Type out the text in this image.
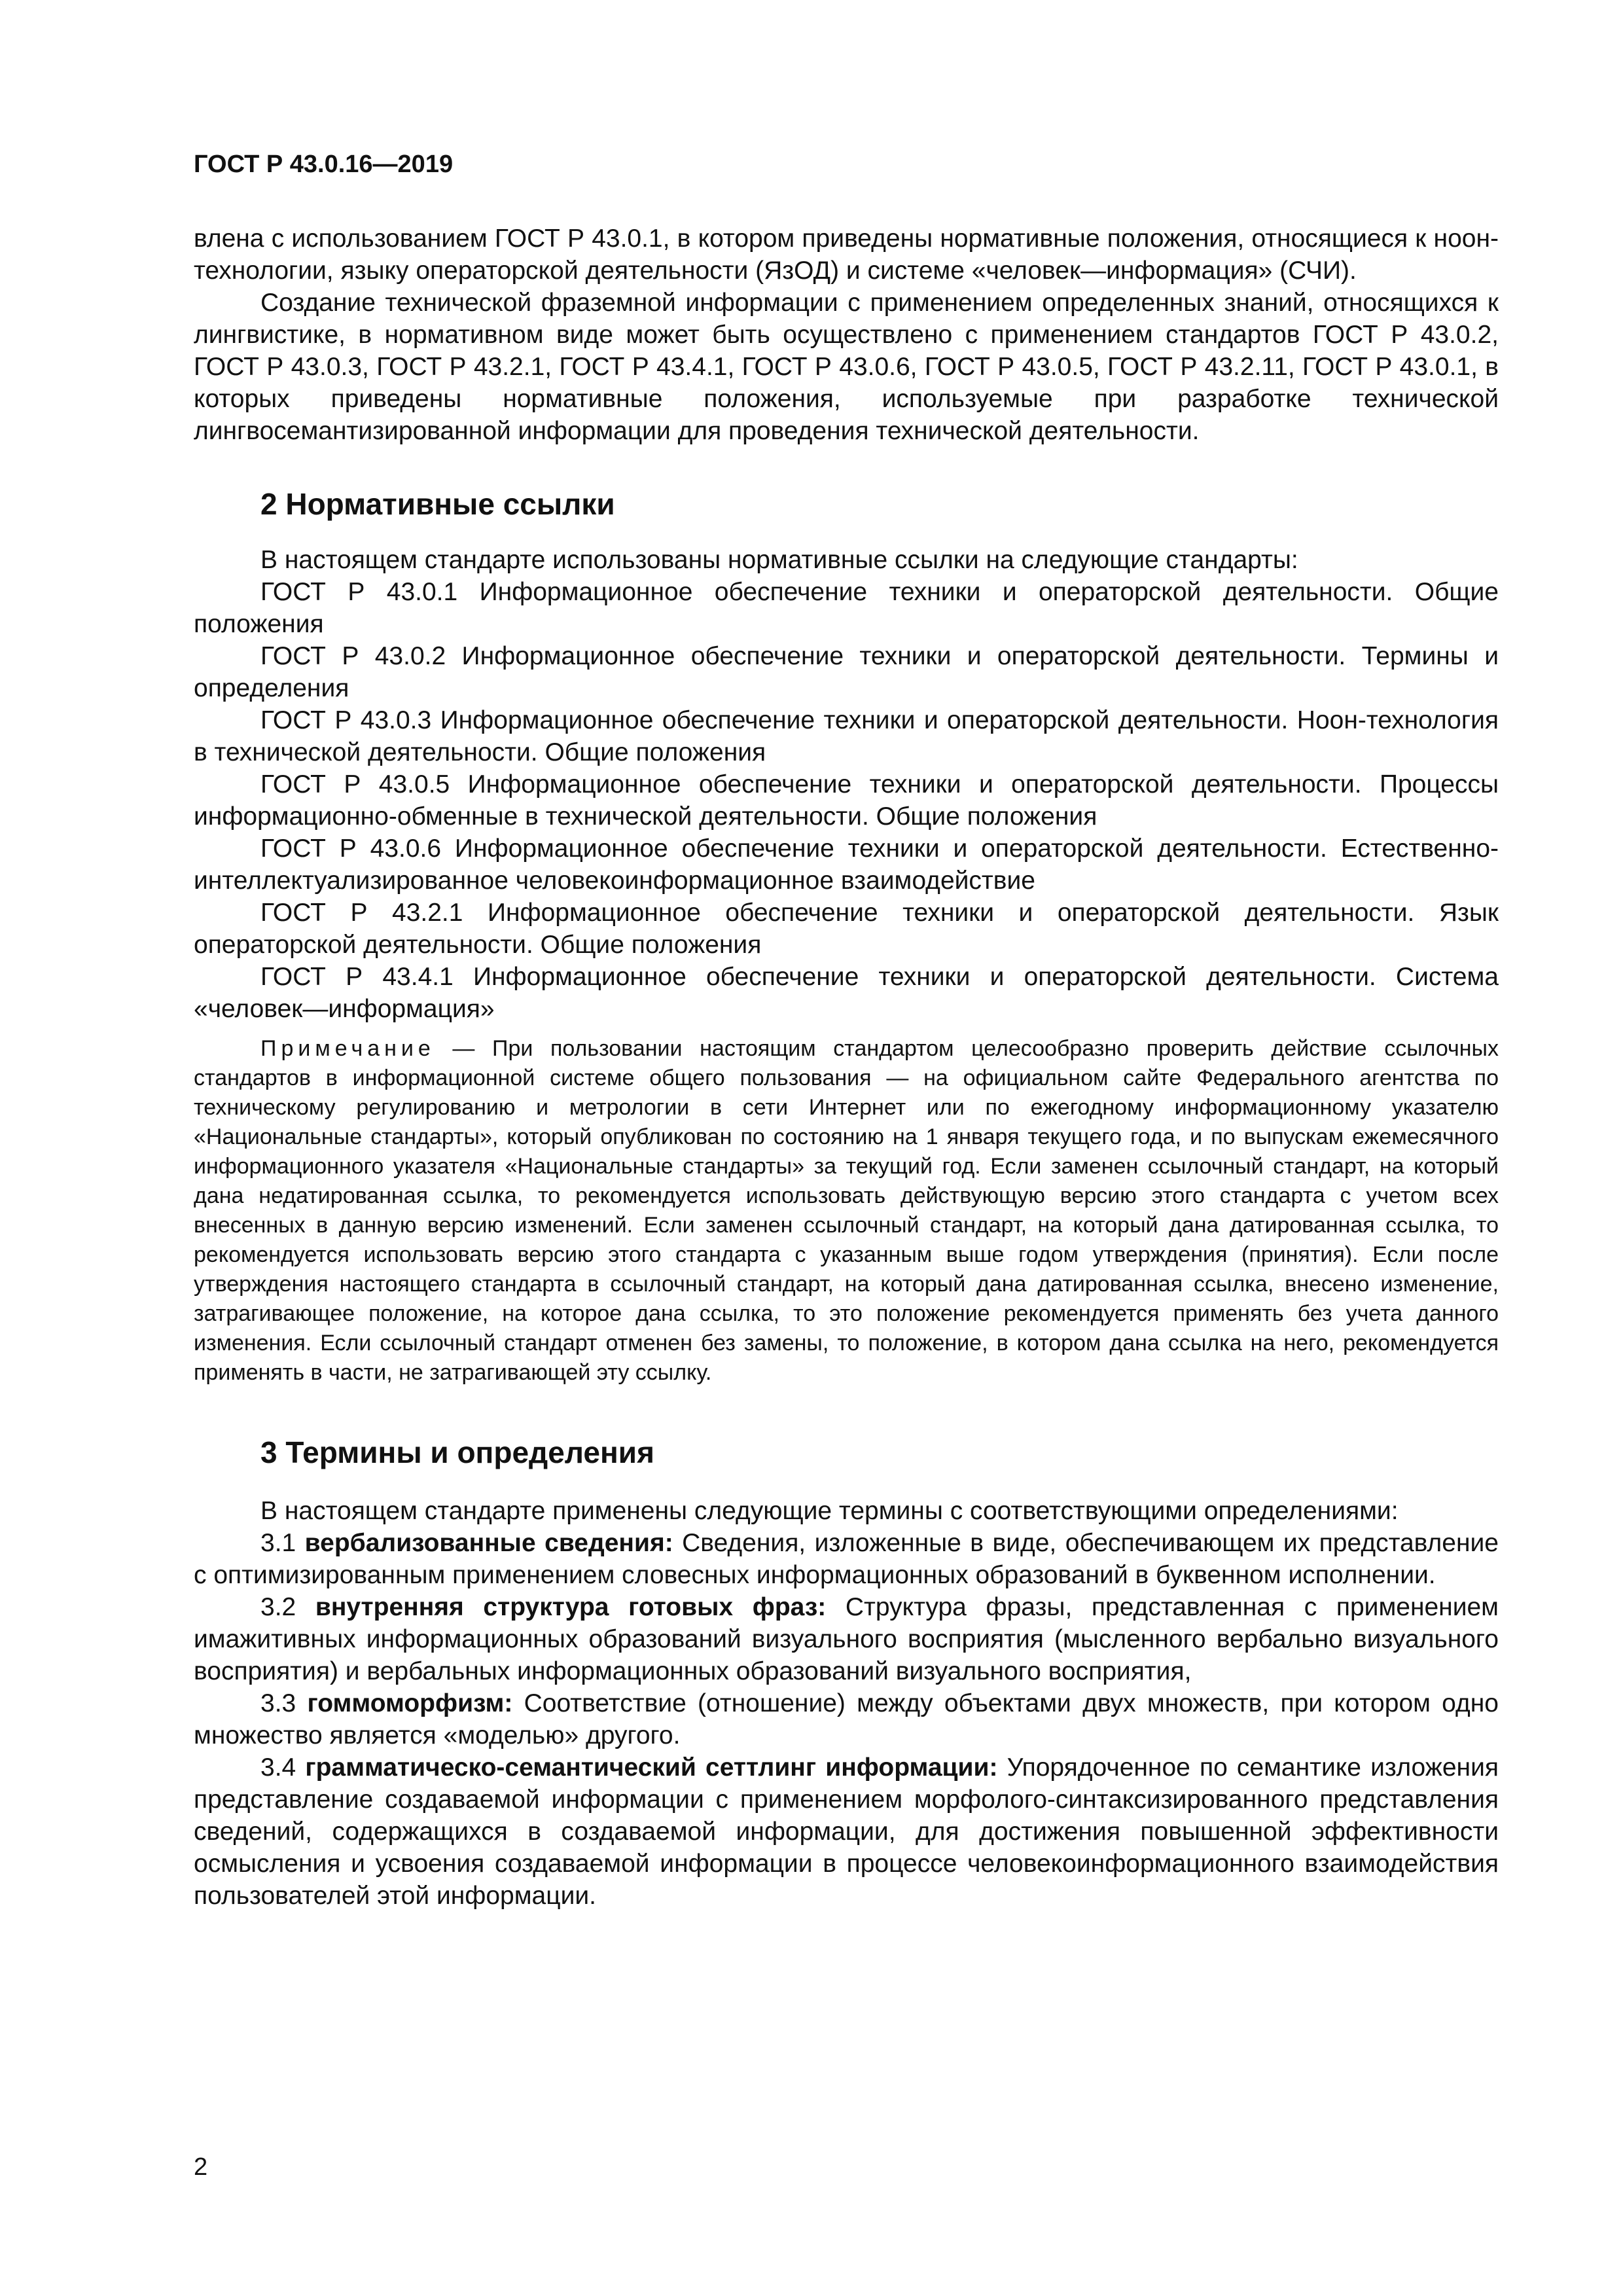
ГОСТ Р 43.0.16—2019

влена с использованием ГОСТ Р 43.0.1, в котором приведены нормативные положения, относящиеся к ноон-технологии, языку операторской деятельности (ЯзОД) и системе «человек—информация» (СЧИ).

Создание технической фраземной информации с применением определенных знаний, относящихся к лингвистике, в нормативном виде может быть осуществлено с применением стандартов ГОСТ Р 43.0.2, ГОСТ Р 43.0.3, ГОСТ Р 43.2.1, ГОСТ Р 43.4.1, ГОСТ Р 43.0.6, ГОСТ Р 43.0.5, ГОСТ Р 43.2.11, ГОСТ Р 43.0.1, в которых приведены нормативные положения, используемые при разработке технической лингвосемантизированной информации для проведения технической деятельности.

2 Нормативные ссылки

В настоящем стандарте использованы нормативные ссылки на следующие стандарты:

ГОСТ Р 43.0.1 Информационное обеспечение техники и операторской деятельности. Общие положения

ГОСТ Р 43.0.2 Информационное обеспечение техники и операторской деятельности. Термины и определения

ГОСТ Р 43.0.3 Информационное обеспечение техники и операторской деятельности. Ноон-технология в технической деятельности. Общие положения

ГОСТ Р 43.0.5 Информационное обеспечение техники и операторской деятельности. Процессы информационно-обменные в технической деятельности. Общие положения

ГОСТ Р 43.0.6 Информационное обеспечение техники и операторской деятельности. Естественно-интеллектуализированное человекоинформационное взаимодействие

ГОСТ Р 43.2.1 Информационное обеспечение техники и операторской деятельности. Язык операторской деятельности. Общие положения

ГОСТ Р 43.4.1 Информационное обеспечение техники и операторской деятельности. Система «человек—информация»

Примечание — При пользовании настоящим стандартом целесообразно проверить действие ссылочных стандартов в информационной системе общего пользования — на официальном сайте Федерального агентства по техническому регулированию и метрологии в сети Интернет или по ежегодному информационному указателю «Национальные стандарты», который опубликован по состоянию на 1 января текущего года, и по выпускам ежемесячного информационного указателя «Национальные стандарты» за текущий год. Если заменен ссылочный стандарт, на который дана недатированная ссылка, то рекомендуется использовать действующую версию этого стандарта с учетом всех внесенных в данную версию изменений. Если заменен ссылочный стандарт, на который дана датированная ссылка, то рекомендуется использовать версию этого стандарта с указанным выше годом утверждения (принятия). Если после утверждения настоящего стандарта в ссылочный стандарт, на который дана датированная ссылка, внесено изменение, затрагивающее положение, на которое дана ссылка, то это положение рекомендуется применять без учета данного изменения. Если ссылочный стандарт отменен без замены, то положение, в котором дана ссылка на него, рекомендуется применять в части, не затрагивающей эту ссылку.

3 Термины и определения

В настоящем стандарте применены следующие термины с соответствующими определениями:

3.1 вербализованные сведения: Сведения, изложенные в виде, обеспечивающем их представление с оптимизированным применением словесных информационных образований в буквенном исполнении.

3.2 внутренняя структура готовых фраз: Структура фразы, представленная с применением имажитивных информационных образований визуального восприятия (мысленного вербально визуального восприятия) и вербальных информационных образований визуального восприятия,

3.3 гоммоморфизм: Соответствие (отношение) между объектами двух множеств, при котором одно множество является «моделью» другого.

3.4 грамматическо-семантический сеттлинг информации: Упорядоченное по семантике изложения представление создаваемой информации с применением морфолого-синтаксизированного представления сведений, содержащихся в создаваемой информации, для достижения повышенной эффективности осмысления и усвоения создаваемой информации в процессе человекоинформационного взаимодействия пользователей этой информации.

2
